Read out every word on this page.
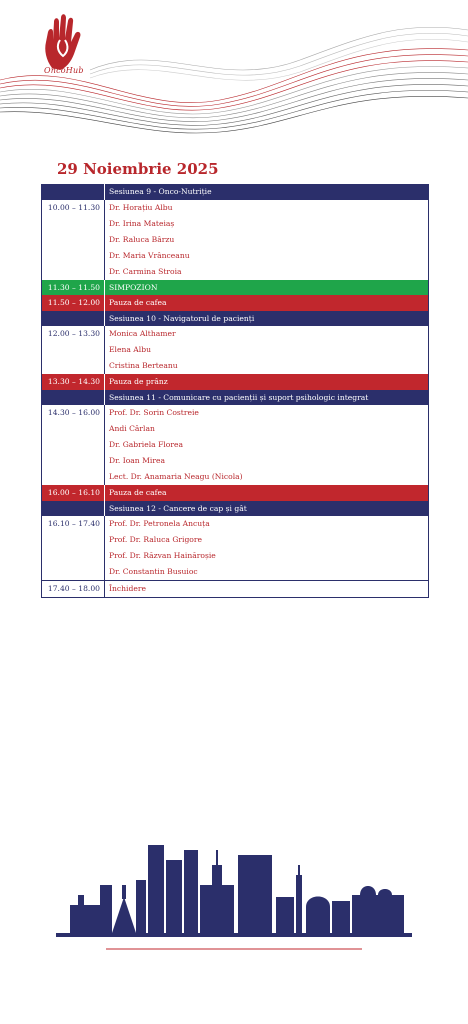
OncoHub
29 Noiembrie 2025
Sesiunea 9 - Onco-Nutriție
10.00 – 11.30	Dr. Horațiu Albu
Dr. Irina Mateiaș
Dr. Raluca Bârzu
Dr. Maria Vrânceanu
Dr. Carmina Stroia
11.30 – 11.50	SIMPOZION
11.50 – 12.00	Pauza de cafea
Sesiunea 10 - Navigatorul de pacienți
12.00 – 13.30	Monica Althamer
Elena Albu
Cristina Berteanu
13.30 – 14.30	Pauza de prânz
Sesiunea 11 - Comunicare cu pacienții și suport psihologic integrat
14.30 – 16.00	Prof. Dr. Sorin Costreie
Andi Cârlan
Dr. Gabriela Florea
Dr. Ioan Mirea
Lect. Dr. Anamaria Neagu (Nicola)
16.00 – 16.10	Pauza de cafea
Sesiunea 12 - Cancere de cap și gât
16.10 – 17.40	Prof. Dr. Petronela Ancuța
Prof. Dr. Raluca Grigore
Prof. Dr. Răzvan Hainăroșie
Dr. Constantin Busuioc
17.40 – 18.00	Închidere
